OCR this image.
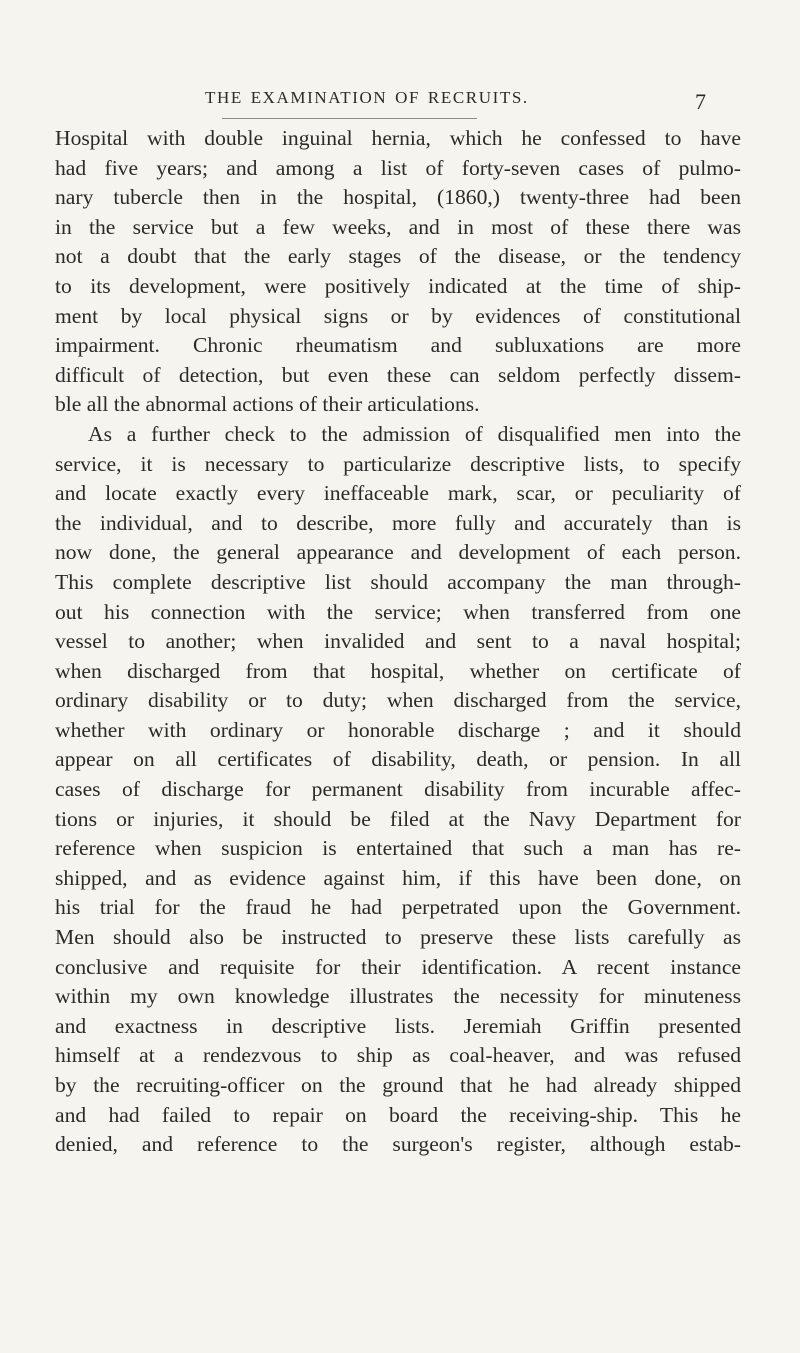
THE EXAMINATION OF RECRUITS.	7
Hospital with double inguinal hernia, which he confessed to have
had five years; and among a list of forty-seven cases of pulmo-
nary tubercle then in the hospital, (1860,) twenty-three had been
in the service but a few weeks, and in most of these there was
not a doubt that the early stages of the disease, or the tendency
to its development, were positively indicated at the time of ship-
ment by local physical signs or by evidences of constitutional
impairment. Chronic rheumatism and subluxations are more
difficult of detection, but even these can seldom perfectly dissem-
ble all the abnormal actions of their articulations.
As a further check to the admission of disqualified men into the
service, it is necessary to particularize descriptive lists, to specify
and locate exactly every ineffaceable mark, scar, or peculiarity of
the individual, and to describe, more fully and accurately than is
now done, the general appearance and development of each person.
This complete descriptive list should accompany the man through-
out his connection with the service; when transferred from one
vessel to another; when invalided and sent to a naval hospital;
when discharged from that hospital, whether on certificate of
ordinary disability or to duty; when discharged from the service,
whether with ordinary or honorable discharge ; and it should
appear on all certificates of disability, death, or pension. In all
cases of discharge for permanent disability from incurable affec-
tions or injuries, it should be filed at the Navy Department for
reference when suspicion is entertained that such a man has re-
shipped, and as evidence against him, if this have been done, on
his trial for the fraud he had perpetrated upon the Government.
Men should also be instructed to preserve these lists carefully as
conclusive and requisite for their identification. A recent instance
within my own knowledge illustrates the necessity for minuteness
and exactness in descriptive lists. Jeremiah Griffin presented
himself at a rendezvous to ship as coal-heaver, and was refused
by the recruiting-officer on the ground that he had already shipped
and had failed to repair on board the receiving-ship. This he
denied, and reference to the surgeon's register, although estab-
